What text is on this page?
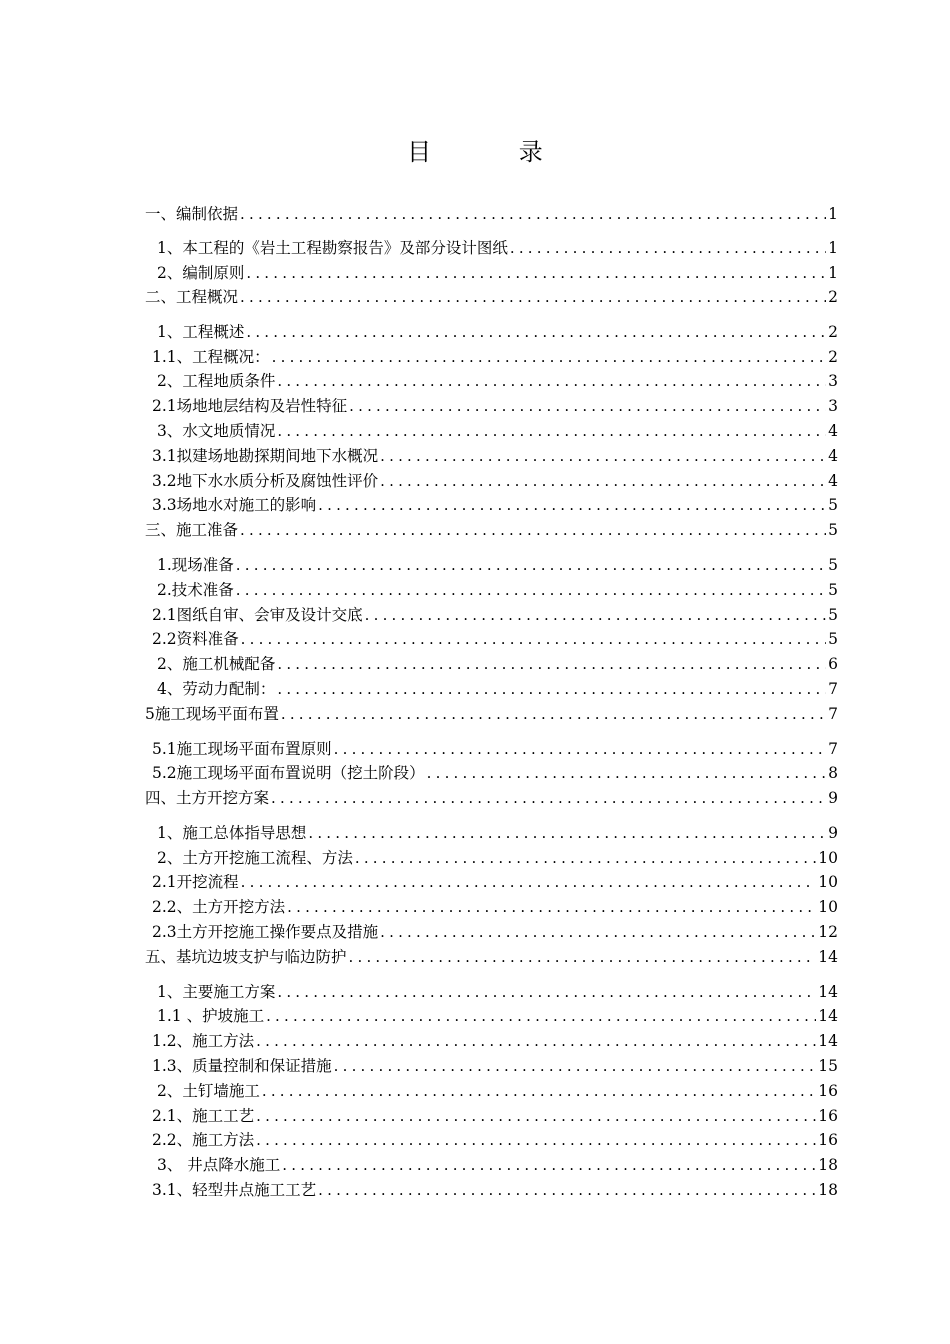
目 录
一、编制依据 .....	1
1、本工程的《岩土工程勘察报告》及部分设计图纸 .....	1
2、编制原则 .....	1
二、工程概况 .....	2
1、工程概述 .....	2
1.1、工程概况： .....	2
2、工程地质条件 .....	3
2.1场地地层结构及岩性特征 .....	3
3、水文地质情况 .....	4
3.1拟建场地勘探期间地下水概况 .....	4
3.2地下水水质分析及腐蚀性评价 .....	4
3.3场地水对施工的影响 .....	5
三、施工准备 .....	5
1.现场准备 .....	5
2.技术准备 .....	5
2.1图纸自审、会审及设计交底 .....	5
2.2资料准备 .....	5
2、施工机械配备 .....	6
4、劳动力配制： .....	7
5施工现场平面布置 .....	7
5.1施工现场平面布置原则 .....	7
5.2施工现场平面布置说明（挖土阶段） .....	8
四、土方开挖方案 .....	9
1、施工总体指导思想 .....	9
2、土方开挖施工流程、方法 .....	10
2.1开挖流程 .....	10
2.2、土方开挖方法 .....	10
2.3土方开挖施工操作要点及措施 .....	12
五、基坑边坡支护与临边防护 .....	14
1、主要施工方案 .....	14
1.1 、护坡施工 .....	14
1.2、施工方法 .....	14
1.3、质量控制和保证措施 .....	15
2、土钉墙施工 .....	16
2.1、施工工艺 .....	16
2.2、施工方法 .....	16
3、 井点降水施工 .....	18
3.1、轻型井点施工工艺 .....	18
